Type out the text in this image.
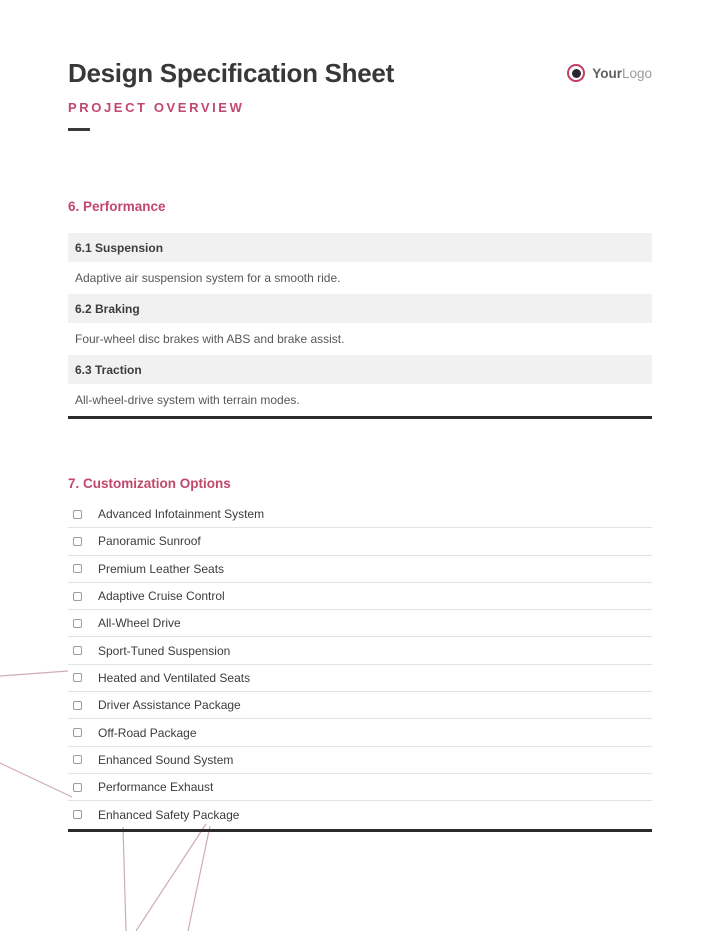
Design Specification Sheet
PROJECT OVERVIEW
YourLogo
6. Performance
6.1 Suspension
Adaptive air suspension system for a smooth ride.
6.2 Braking
Four-wheel disc brakes with ABS and brake assist.
6.3 Traction
All-wheel-drive system with terrain modes.
7. Customization Options
Advanced Infotainment System
Panoramic Sunroof
Premium Leather Seats
Adaptive Cruise Control
All-Wheel Drive
Sport-Tuned Suspension
Heated and Ventilated Seats
Driver Assistance Package
Off-Road Package
Enhanced Sound System
Performance Exhaust
Enhanced Safety Package
